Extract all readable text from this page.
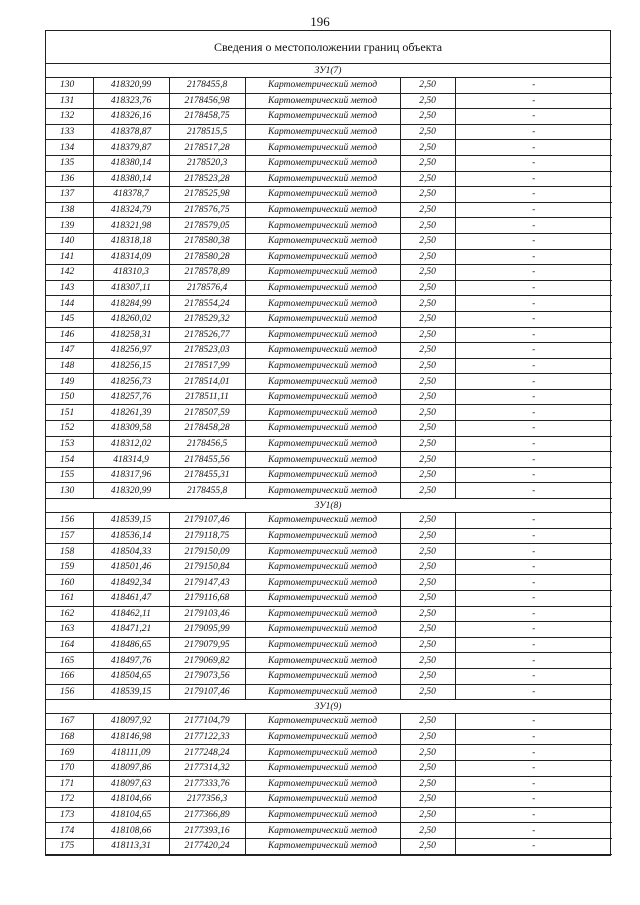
196
Сведения о местоположении границ объекта
ЗУ1(7)					
130	418320,99	2178455,8	Картометрический метод	2,50	-
131	418323,76	2178456,98	Картометрический метод	2,50	-
132	418326,16	2178458,75	Картометрический метод	2,50	-
133	418378,87	2178515,5	Картометрический метод	2,50	-
134	418379,87	2178517,28	Картометрический метод	2,50	-
135	418380,14	2178520,3	Картометрический метод	2,50	-
136	418380,14	2178523,28	Картометрический метод	2,50	-
137	418378,7	2178525,98	Картометрический метод	2,50	-
138	418324,79	2178576,75	Картометрический метод	2,50	-
139	418321,98	2178579,05	Картометрический метод	2,50	-
140	418318,18	2178580,38	Картометрический метод	2,50	-
141	418314,09	2178580,28	Картометрический метод	2,50	-
142	418310,3	2178578,89	Картометрический метод	2,50	-
143	418307,11	2178576,4	Картометрический метод	2,50	-
144	418284,99	2178554,24	Картометрический метод	2,50	-
145	418260,02	2178529,32	Картометрический метод	2,50	-
146	418258,31	2178526,77	Картометрический метод	2,50	-
147	418256,97	2178523,03	Картометрический метод	2,50	-
148	418256,15	2178517,99	Картометрический метод	2,50	-
149	418256,73	2178514,01	Картометрический метод	2,50	-
150	418257,76	2178511,11	Картометрический метод	2,50	-
151	418261,39	2178507,59	Картометрический метод	2,50	-
152	418309,58	2178458,28	Картометрический метод	2,50	-
153	418312,02	2178456,5	Картометрический метод	2,50	-
154	418314,9	2178455,56	Картометрический метод	2,50	-
155	418317,96	2178455,31	Картометрический метод	2,50	-
130	418320,99	2178455,8	Картометрический метод	2,50	-
ЗУ1(8)					
156	418539,15	2179107,46	Картометрический метод	2,50	-
157	418536,14	2179118,75	Картометрический метод	2,50	-
158	418504,33	2179150,09	Картометрический метод	2,50	-
159	418501,46	2179150,84	Картометрический метод	2,50	-
160	418492,34	2179147,43	Картометрический метод	2,50	-
161	418461,47	2179116,68	Картометрический метод	2,50	-
162	418462,11	2179103,46	Картометрический метод	2,50	-
163	418471,21	2179095,99	Картометрический метод	2,50	-
164	418486,65	2179079,95	Картометрический метод	2,50	-
165	418497,76	2179069,82	Картометрический метод	2,50	-
166	418504,65	2179073,56	Картометрический метод	2,50	-
156	418539,15	2179107,46	Картометрический метод	2,50	-
ЗУ1(9)					
167	418097,92	2177104,79	Картометрический метод	2,50	-
168	418146,98	2177122,33	Картометрический метод	2,50	-
169	418111,09	2177248,24	Картометрический метод	2,50	-
170	418097,86	2177314,32	Картометрический метод	2,50	-
171	418097,63	2177333,76	Картометрический метод	2,50	-
172	418104,66	2177356,3	Картометрический метод	2,50	-
173	418104,65	2177366,89	Картометрический метод	2,50	-
174	418108,66	2177393,16	Картометрический метод	2,50	-
175	418113,31	2177420,24	Картометрический метод	2,50	-
